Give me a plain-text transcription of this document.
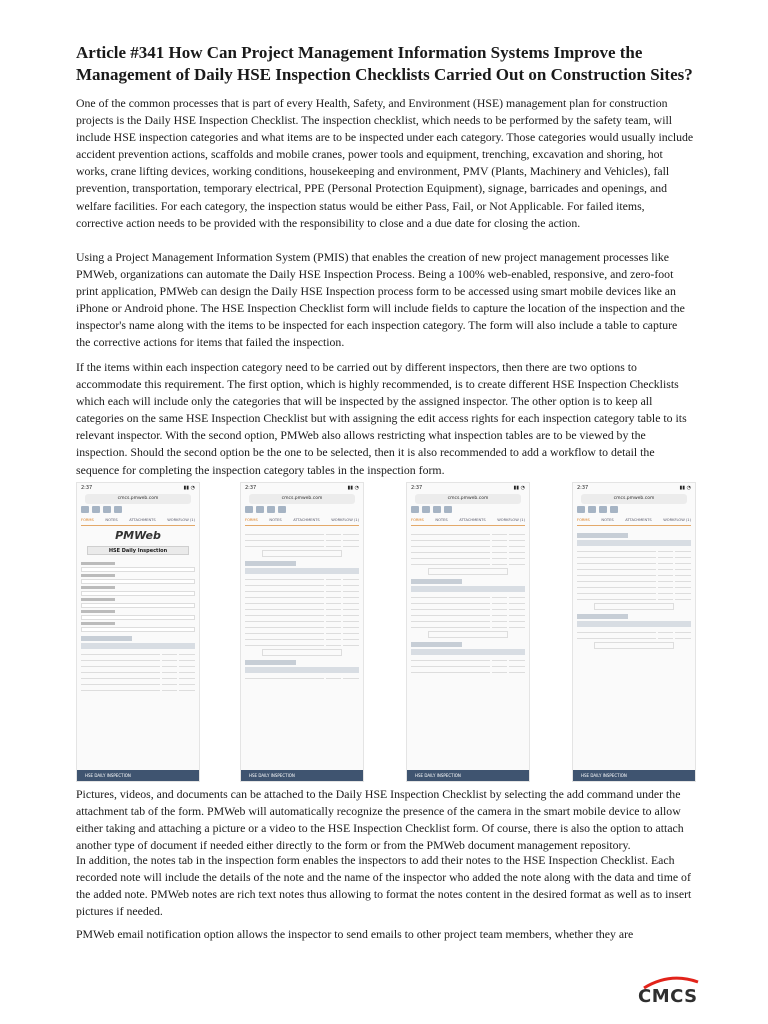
Article #341 How Can Project Management Information Systems Improve the Management of Daily HSE Inspection Checklists Carried Out on Construction Sites?

One of the common processes that is part of every Health, Safety, and Environment (HSE) management plan for construction projects is the Daily HSE Inspection Checklist. The inspection checklist, which needs to be performed by the safety team, will include HSE inspection categories and what items are to be inspected under each category. Those categories would usually include accident prevention actions, scaffolds and mobile cranes, power tools and equipment, trenching, excavation and shoring, hot works, crane lifting devices, working conditions, housekeeping and environment, PMV (Plants, Machinery and Vehicles), fall prevention, transportation, temporary electrical, PPE (Personal Protection Equipment), signage, barricades and openings, and welfare facilities. For each category, the inspection status would be either Pass, Fail, or Not Applicable. For failed items, corrective action needs to be provided with the responsibility to close and a due date for closing the action.

Using a Project Management Information System (PMIS) that enables the creation of new project management processes like PMWeb, organizations can automate the Daily HSE Inspection Process. Being a 100% web-enabled, responsive, and zero-foot print application, PMWeb can design the Daily HSE Inspection process form to be accessed using smart mobile devices like an iPhone or Android phone. The HSE Inspection Checklist form will include fields to capture the location of the inspection and the inspector's name along with the items to be inspected for each inspection category. The form will also include a table to capture the corrective actions for items that failed the inspection.

If the items within each inspection category need to be carried out by different inspectors, then there are two options to accommodate this requirement. The first option, which is highly recommended, is to create different HSE Inspection Checklists which each will include only the categories that will be inspected by the assigned inspector. The other option is to keep all categories on the same HSE Inspection Checklist but with assigning the edit access rights for each inspection category table to its relevant inspector. With the second option, PMWeb also allows restricting what inspection tables are to be viewed by the inspection. Should the second option be the one to be selected, then it is also recommended to add a workflow to detail the sequence for completing the inspection category tables in the inspection form.

2:37	▮▮ ◔
cmcs.pmweb.com
FORMS	NOTES	ATTACHMENTS	WORKFLOW (1)
PMWeb
HSE Daily Inspection
HSE DAILY INSPECTION
2:37	▮▮ ◔
cmcs.pmweb.com
FORMS	NOTES	ATTACHMENTS	WORKFLOW (1)
HSE DAILY INSPECTION
2:37	▮▮ ◔
cmcs.pmweb.com
FORMS	NOTES	ATTACHMENTS	WORKFLOW (1)
HSE DAILY INSPECTION
2:37	▮▮ ◔
cmcs.pmweb.com
FORMS	NOTES	ATTACHMENTS	WORKFLOW (1)
HSE DAILY INSPECTION

Pictures, videos, and documents can be attached to the Daily HSE Inspection Checklist by selecting the add command under the attachment tab of the form. PMWeb will automatically recognize the presence of the camera in the smart mobile device to allow either taking and attaching a picture or a video to the HSE Inspection Checklist form. Of course, there is also the option to attach another type of document if needed either directly to the form or from the PMWeb document management repository.

In addition, the notes tab in the inspection form enables the inspectors to add their notes to the HSE Inspection Checklist. Each recorded note will include the details of the note and the name of the inspector who added the note along with the data and time of the added note. PMWeb notes are rich text notes thus allowing to format the notes content in the desired format as well as to insert pictures if needed.

PMWeb email notification option allows the inspector to send emails to other project team members, whether they are

CMCS
